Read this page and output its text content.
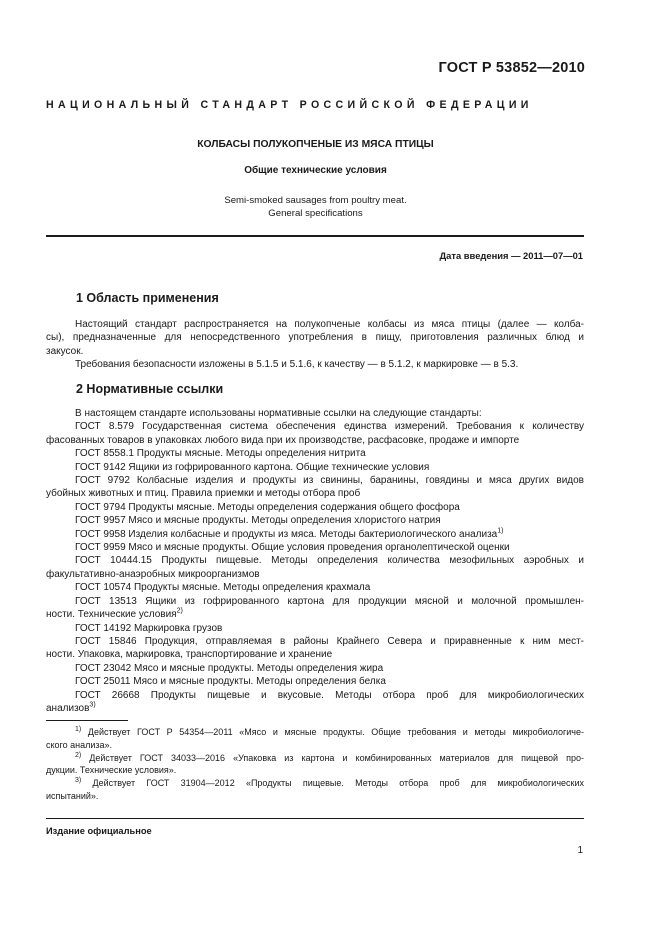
ГОСТ Р 53852—2010
НАЦИОНАЛЬНЫЙ СТАНДАРТ РОССИЙСКОЙ ФЕДЕРАЦИИ
КОЛБАСЫ ПОЛУКОПЧЕНЫЕ ИЗ МЯСА ПТИЦЫ
Общие технические условия
Semi-smoked sausages from poultry meat.
General specifications
Дата введения — 2011—07—01
1 Область применения
Настоящий стандарт распространяется на полукопченые колбасы из мяса птицы (далее — колба-
сы), предназначенные для непосредственного употребления в пищу, приготовления различных блюд и
закусок.
Требования безопасности изложены в 5.1.5 и 5.1.6, к качеству — в 5.1.2, к маркировке — в 5.3.
2 Нормативные ссылки
В настоящем стандарте использованы нормативные ссылки на следующие стандарты:
ГОСТ 8.579 Государственная система обеспечения единства измерений. Требования к количеству
фасованных товаров в упаковках любого вида при их производстве, расфасовке, продаже и импорте
ГОСТ 8558.1 Продукты мясные. Методы определения нитрита
ГОСТ 9142 Ящики из гофрированного картона. Общие технические условия
ГОСТ 9792 Колбасные изделия и продукты из свинины, баранины, говядины и мяса других видов
убойных животных и птиц. Правила приемки и методы отбора проб
ГОСТ 9794 Продукты мясные. Методы определения содержания общего фосфора
ГОСТ 9957 Мясо и мясные продукты. Методы определения хлористого натрия
ГОСТ 9958 Изделия колбасные и продукты из мяса. Методы бактериологического анализа$^{1)}$
ГОСТ 9959 Мясо и мясные продукты. Общие условия проведения органолептической оценки
ГОСТ 10444.15 Продукты пищевые. Методы определения количества мезофильных аэробных и
факультативно-анаэробных микроорганизмов
ГОСТ 10574 Продукты мясные. Методы определения крахмала
ГОСТ 13513 Ящики из гофрированного картона для продукции мясной и молочной промышлен-
ности. Технические условия$^{2)}$
ГОСТ 14192 Маркировка грузов
ГОСТ 15846 Продукция, отправляемая в районы Крайнего Севера и приравненные к ним мест-
ности. Упаковка, маркировка, транспортирование и хранение
ГОСТ 23042 Мясо и мясные продукты. Методы определения жира
ГОСТ 25011 Мясо и мясные продукты. Методы определения белка
ГОСТ 26668 Продукты пищевые и вкусовые. Методы отбора проб для микробиологических
анализов$^{3)}$
$^{1)}$ Действует ГОСТ Р 54354—2011 «Мясо и мясные продукты. Общие требования и методы микробиологиче-
ского анализа».
$^{2)}$ Действует ГОСТ 34033—2016 «Упаковка из картона и комбинированных материалов для пищевой про-
дукции. Технические условия».
$^{3)}$ Действует ГОСТ 31904—2012 «Продукты пищевые. Методы отбора проб для микробиологических
испытаний».
Издание официальное
1
